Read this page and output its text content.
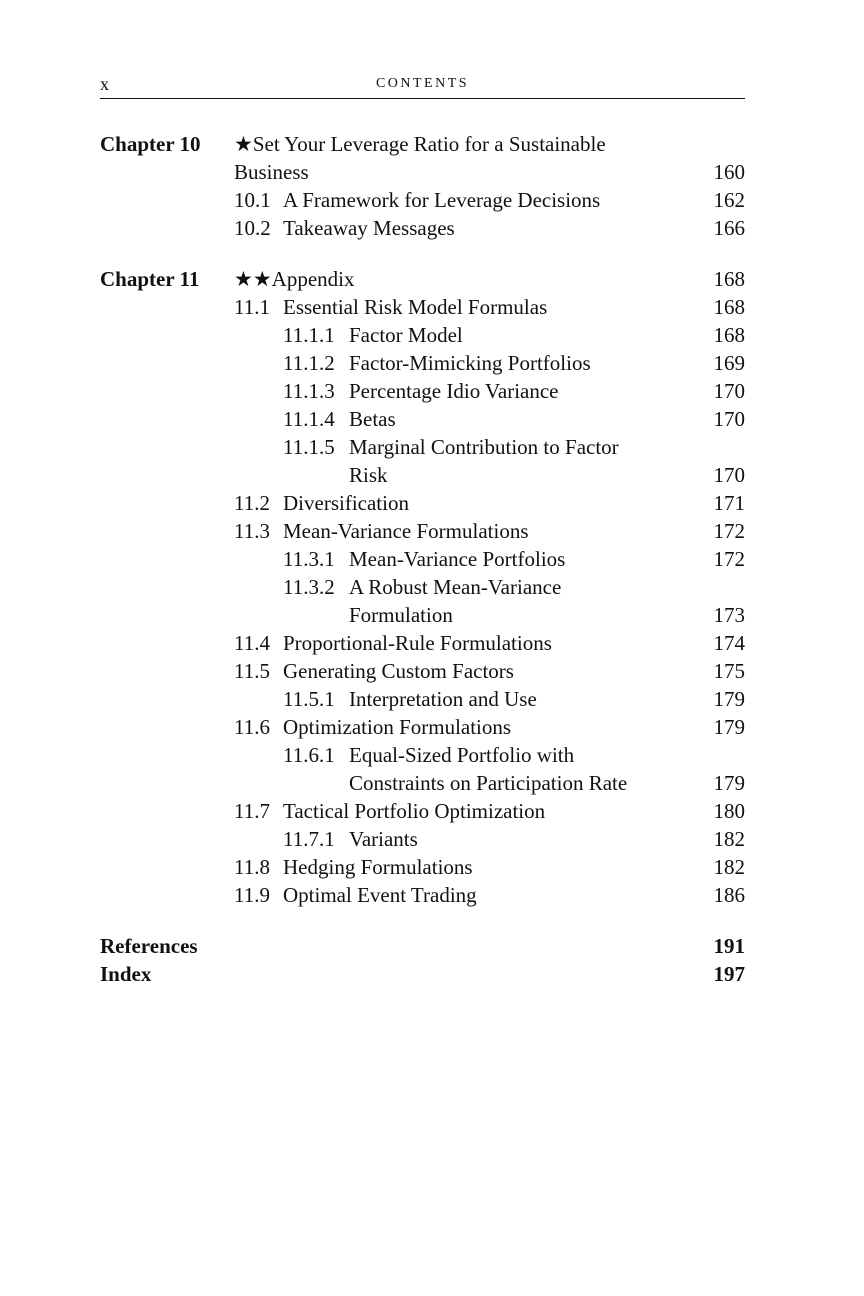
x	CONTENTS
Chapter 10 ★Set Your Leverage Ratio for a Sustainable
Business	160
10.1 A Framework for Leverage Decisions	162
10.2 Takeaway Messages	166
Chapter 11 ★★Appendix	168
11.1 Essential Risk Model Formulas	168
11.1.1 Factor Model	168
11.1.2 Factor-Mimicking Portfolios	169
11.1.3 Percentage Idio Variance	170
11.1.4 Betas	170
11.1.5 Marginal Contribution to Factor
Risk	170
11.2 Diversification	171
11.3 Mean-Variance Formulations	172
11.3.1 Mean-Variance Portfolios	172
11.3.2 A Robust Mean-Variance
Formulation	173
11.4 Proportional-Rule Formulations	174
11.5 Generating Custom Factors	175
11.5.1 Interpretation and Use	179
11.6 Optimization Formulations	179
11.6.1 Equal-Sized Portfolio with
Constraints on Participation Rate	179
11.7 Tactical Portfolio Optimization	180
11.7.1 Variants	182
11.8 Hedging Formulations	182
11.9 Optimal Event Trading	186
References	191
Index	197
